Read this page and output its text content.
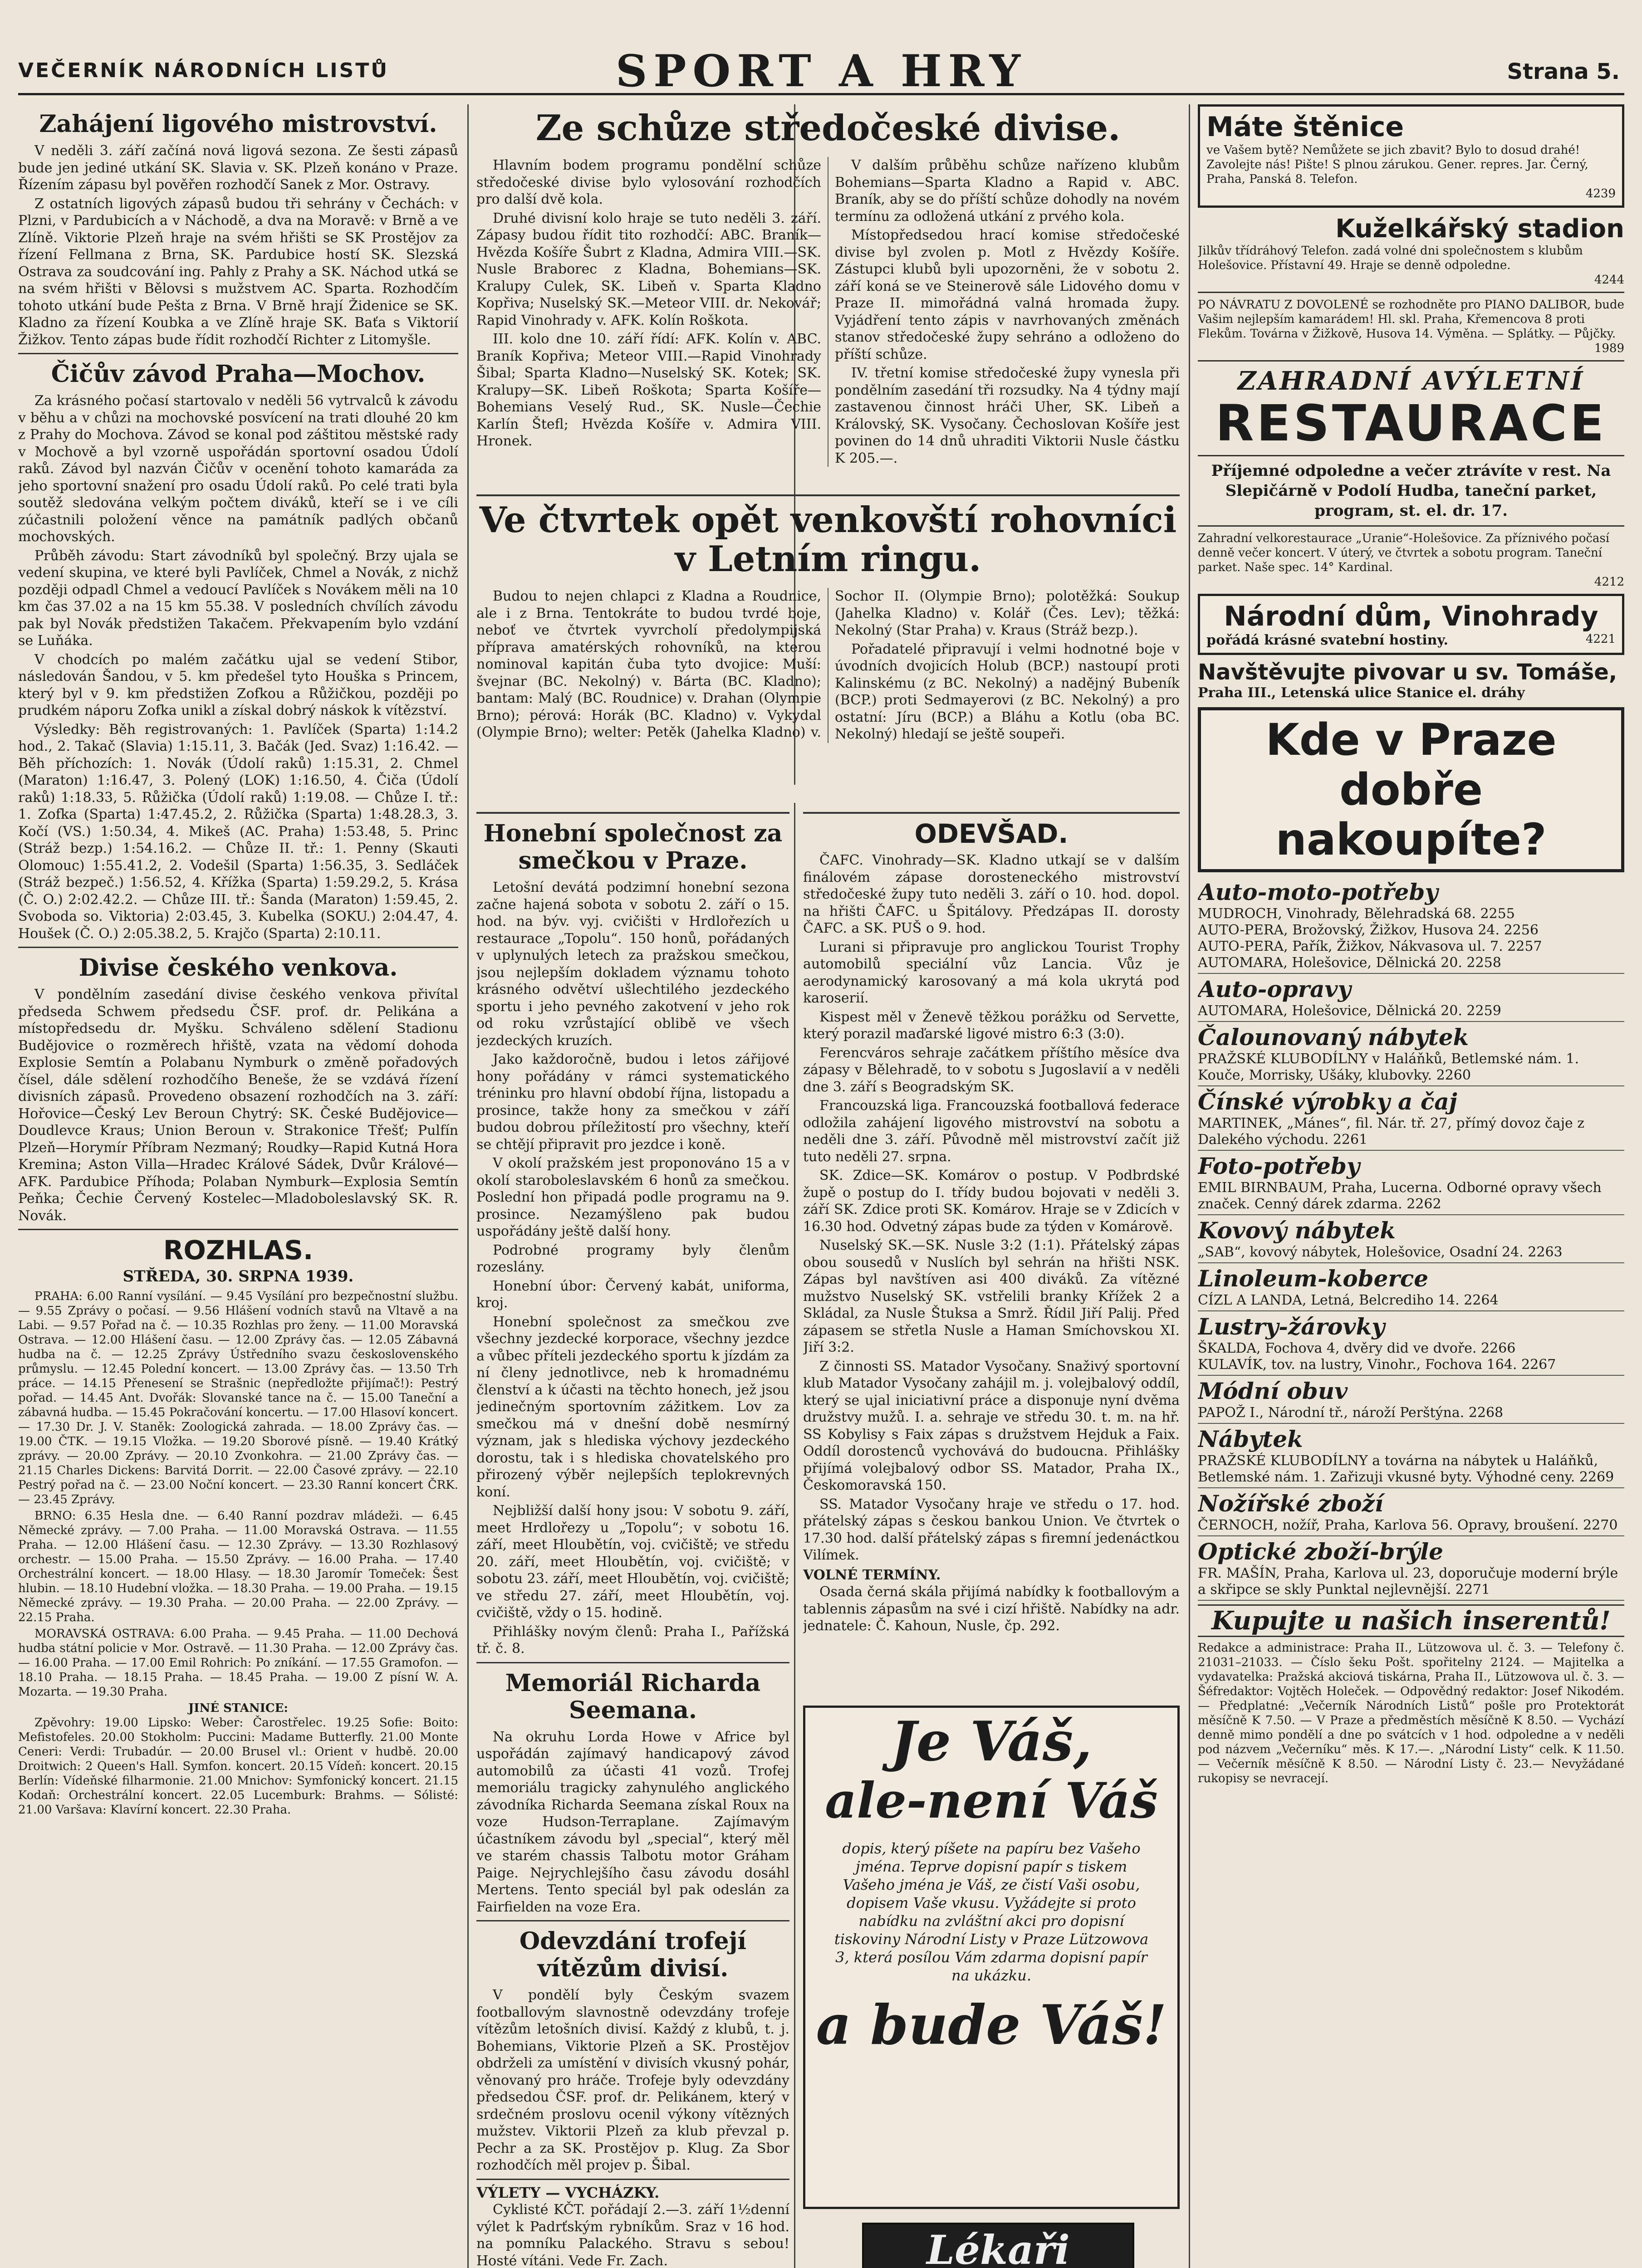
VEČERNÍK NÁRODNÍCH LISTŮ	SPORT A HRY	Strana 5.
Zahájení ligového mistrovství.

V neděli 3. září začíná nová ligová sezona. Ze šesti zápasů bude jen jediné utkání SK. Slavia v. SK. Plzeň konáno v Praze. Řízením zápasu byl pověřen rozhodčí Sanek z Mor. Ostravy.

Z ostatních ligových zápasů budou tři sehrány v Čechách: v Plzni, v Pardubicích a v Náchodě, a dva na Moravě: v Brně a ve Zlíně. Viktorie Plzeň hraje na svém hřišti se SK Prostějov za řízení Fellmana z Brna, SK. Pardubice hostí SK. Slezská Ostrava za soudcování ing. Pahly z Prahy a SK. Náchod utká se na svém hřišti v Bělovsi s mužstvem AC. Sparta. Rozhodčím tohoto utkání bude Pešta z Brna. V Brně hrají Židenice se SK. Kladno za řízení Koubka a ve Zlíně hraje SK. Baťa s Viktorií Žižkov. Tento zápas bude řídit rozhodčí Richter z Litomyšle.

Čičův závod Praha—Mochov.

Za krásného počasí startovalo v neděli 56 vytrvalců k závodu v běhu a v chůzi na mochovské posvícení na trati dlouhé 20 km z Prahy do Mochova. Závod se konal pod záštitou městské rady v Mochově a byl vzorně uspořádán sportovní osadou Údolí raků. Závod byl nazván Čičův v ocenění tohoto kamaráda za jeho sportovní snažení pro osadu Údolí raků. Po celé trati byla soutěž sledována velkým počtem diváků, kteří se i ve cíli zúčastnili položení věnce na památník padlých občanů mochovských.

Průběh závodu: Start závodníků byl společný. Brzy ujala se vedení skupina, ve které byli Pavlíček, Chmel a Novák, z nichž později odpadl Chmel a vedoucí Pavlíček s Novákem měli na 10 km čas 37.02 a na 15 km 55.38. V posledních chvílích závodu pak byl Novák předstižen Takačem. Překvapením bylo vzdání se Luňáka.

V chodcích po malém začátku ujal se vedení Stibor, následován Šandou, v 5. km předešel tyto Houška s Princem, který byl v 9. km předstižen Zofkou a Růžičkou, později po prudkém náporu Zofka unikl a získal dobrý náskok k vítězství.

Výsledky: Běh registrovaných: 1. Pavlíček (Sparta) 1:14.2 hod., 2. Takač (Slavia) 1:15.11, 3. Bačák (Jed. Svaz) 1:16.42. — Běh příchozích: 1. Novák (Údolí raků) 1:15.31, 2. Chmel (Maraton) 1:16.47, 3. Polený (LOK) 1:16.50, 4. Čiča (Údolí raků) 1:18.33, 5. Růžička (Údolí raků) 1:19.08. — Chůze I. tř.: 1. Zofka (Sparta) 1:47.45.2, 2. Růžička (Sparta) 1:48.28.3, 3. Kočí (VS.) 1:50.34, 4. Mikeš (AC. Praha) 1:53.48, 5. Princ (Stráž bezp.) 1:54.16.2. — Chůze II. tř.: 1. Penny (Skauti Olomouc) 1:55.41.2, 2. Vodešil (Sparta) 1:56.35, 3. Sedláček (Stráž bezpeč.) 1:56.52, 4. Křížka (Sparta) 1:59.29.2, 5. Krása (Č. O.) 2:02.42.2. — Chůze III. tř.: Šanda (Maraton) 1:59.45, 2. Svoboda so. Viktoria) 2:03.45, 3. Kubelka (SOKU.) 2:04.47, 4. Houšek (Č. O.) 2:05.38.2, 5. Krajčo (Sparta) 2:10.11.

Divise českého venkova.

V pondělním zasedání divise českého venkova přivítal předseda Schwem předsedu ČSF. prof. dr. Pelikána a místopředsedu dr. Myšku. Schváleno sdělení Stadionu Budějovice o rozměrech hřiště, vzata na vědomí dohoda Explosie Semtín a Polabanu Nymburk o změně pořadových čísel, dále sdělení rozhodčího Beneše, že se vzdává řízení divisních zápasů. Provedeno obsazení rozhodčích na 3. září: Hořovice—Český Lev Beroun Chytrý: SK. České Budějovice—Doudlevce Kraus; Union Beroun v. Strakonice Třešť; Pulfín Plzeň—Horymír Příbram Nezmaný; Roudky—Rapid Kutná Hora Kremina; Aston Villa—Hradec Králové Sádek, Dvůr Králové—AFK. Pardubice Příhoda; Polaban Nymburk—Explosia Semtín Peňka; Čechie Červený Kostelec—Mladoboleslavský SK. R. Novák.

ROZHLAS.
STŘEDA, 30. SRPNA 1939.

PRAHA: 6.00 Ranní vysílání. — 9.45 Vysílání pro bezpečnostní službu. — 9.55 Zprávy o počasí. — 9.56 Hlášení vodních stavů na Vltavě a na Labi. — 9.57 Pořad na č. — 10.35 Rozhlas pro ženy. — 11.00 Moravská Ostrava. — 12.00 Hlášení času. — 12.00 Zprávy čas. — 12.05 Zábavná hudba na č. — 12.25 Zprávy Ústředního svazu československého průmyslu. — 12.45 Polední koncert. — 13.00 Zprávy čas. — 13.50 Trh práce. — 14.15 Přenesení se Strašnic (nepředložte přijímač!): Pestrý pořad. — 14.45 Ant. Dvořák: Slovanské tance na č. — 15.00 Taneční a zábavná hudba. — 15.45 Pokračování koncertu. — 17.00 Hlasoví koncert. — 17.30 Dr. J. V. Staněk: Zoologická zahrada. — 18.00 Zprávy čas. — 19.00 ČTK. — 19.15 Vložka. — 19.20 Sborové písně. — 19.40 Krátký zprávy. — 20.00 Zprávy. — 20.10 Zvonkohra. — 21.00 Zprávy čas. — 21.15 Charles Dickens: Barvitá Dorrit. — 22.00 Časové zprávy. — 22.10 Pestrý pořad na č. — 23.00 Noční koncert. — 23.30 Ranní koncert ČRK. — 23.45 Zprávy.

BRNO: 6.35 Hesla dne. — 6.40 Ranní pozdrav mládeži. — 6.45 Německé zprávy. — 7.00 Praha. — 11.00 Moravská Ostrava. — 11.55 Praha. — 12.00 Hlášení času. — 12.30 Zprávy. — 13.30 Rozhlasový orchestr. — 15.00 Praha. — 15.50 Zprávy. — 16.00 Praha. — 17.40 Orchestrální koncert. — 18.00 Hlasy. — 18.30 Jaromír Tomeček: Šest hlubin. — 18.10 Hudební vložka. — 18.30 Praha. — 19.00 Praha. — 19.15 Německé zprávy. — 19.30 Praha. — 20.00 Praha. — 22.00 Zprávy. — 22.15 Praha.

MORAVSKÁ OSTRAVA: 6.00 Praha. — 9.45 Praha. — 11.00 Dechová hudba státní policie v Mor. Ostravě. — 11.30 Praha. — 12.00 Zprávy čas. — 16.00 Praha. — 17.00 Emil Rohrich: Po zníkání. — 17.55 Gramofon. — 18.10 Praha. — 18.15 Praha. — 18.45 Praha. — 19.00 Z písní W. A. Mozarta. — 19.30 Praha.

JINÉ STANICE:

Zpěvohry: 19.00 Lipsko: Weber: Čarostřelec. 19.25 Sofie: Boito: Mefistofeles. 20.00 Stokholm: Puccini: Madame Butterfly. 21.00 Monte Ceneri: Verdi: Trubadúr. — 20.00 Brusel vl.: Orient v hudbě. 20.00 Droitwich: 2 Queen's Hall. Symfon. koncert. 20.15 Vídeň: koncert. 20.15 Berlín: Vídeňské filharmonie. 21.00 Mnichov: Symfonický koncert. 21.15 Kodaň: Orchestrální koncert. 22.05 Lucemburk: Brahms. — Sólisté: 21.00 Varšava: Klavírní koncert. 22.30 Praha.

Ze schůze středočeské divise.

Hlavním bodem programu pondělní schůze středočeské divise bylo vylosování rozhodčích pro další dvě kola.

Druhé divisní kolo hraje se tuto neděli 3. září. Zápasy budou řídit tito rozhodčí: ABC. Braník—Hvězda Košíře Šubrt z Kladna, Admira VIII.—SK. Nusle Braborec z Kladna, Bohemians—SK. Kralupy Culek, SK. Libeň v. Sparta Kladno Kopřiva; Nuselský SK.—Meteor VIII. dr. Nekovář; Rapid Vinohrady v. AFK. Kolín Roškota.

III. kolo dne 10. září řídí: AFK. Kolín v. ABC. Braník Kopřiva; Meteor VIII.—Rapid Vinohrady Šibal; Sparta Kladno—Nuselský SK. Kotek; SK. Kralupy—SK. Libeň Roškota; Sparta Košíře—Bohemians Veselý Rud., SK. Nusle—Čechie Karlín Štefl; Hvězda Košíře v. Admira VIII. Hronek.

V dalším průběhu schůze nařízeno klubům Bohemians—Sparta Kladno a Rapid v. ABC. Braník, aby se do příští schůze dohodly na novém termínu za odložená utkání z prvého kola.

Místopředsedou hrací komise středočeské divise byl zvolen p. Motl z Hvězdy Košíře. Zástupci klubů byli upozorněni, že v sobotu 2. září koná se ve Steinerově sále Lidového domu v Praze II. mimořádná valná hromada župy. Vyjádření tento zápis v navrhovaných změnách stanov středočeské župy sehráno a odloženo do příští schůze.

IV. třetní komise středočeské župy vynesla při pondělním zasedání tři rozsudky. Na 4 týdny mají zastavenou činnost hráči Uher, SK. Libeň a Královský, SK. Vysočany. Čechoslovan Košíře jest povinen do 14 dnů uhraditi Viktorii Nusle částku K 205.—.

Ve čtvrtek opět venkovští rohovníci v Letním ringu.

Budou to nejen chlapci z Kladna a Roudnice, ale i z Brna. Tentokráte to budou tvrdé boje, neboť ve čtvrtek vyvrcholí předolympijská příprava amatérských rohovníků, na kterou nominoval kapitán čuba tyto dvojice: Muší: švejnar (BC. Nekolný) v. Bárta (BC. Kladno); bantam: Malý (BC. Roudnice) v. Drahan (Olympie Brno); pérová: Horák (BC. Kladno) v. Vykydal (Olympie Brno); welter: Petěk (Jahelka Kladno) v. Sochor II. (Olympie Brno); polotěžká: Soukup (Jahelka Kladno) v. Kolář (Čes. Lev); těžká: Nekolný (Star Praha) v. Kraus (Stráž bezp.).

Pořadatelé připravují i velmi hodnotné boje v úvodních dvojicích Holub (BCP.) nastoupí proti Kalinskému (z BC. Nekolný) a nadějný Bubeník (BCP.) proti Sedmayerovi (z BC. Nekolný) a pro ostatní: Jíru (BCP.) a Bláhu a Kotlu (oba BC. Nekolný) hledají se ještě soupeři.

Honební společnost za smečkou v Praze.

Letošní devátá podzimní honební sezona začne hajená sobota v sobotu 2. září o 15. hod. na býv. vyj. cvičišti v Hrdlořezích u restaurace „Topolu“. 150 honů, pořádaných v uplynulých letech za pražskou smečkou, jsou nejlepším dokladem významu tohoto krásného odvětví ušlechtilého jezdeckého sportu i jeho pevného zakotvení v jeho rok od roku vzrůstající oblibě ve všech jezdeckých kruzích.

Jako každoročně, budou i letos zářijové hony pořádány v rámci systematického tréninku pro hlavní období října, listopadu a prosince, takže hony za smečkou v září budou dobrou příležitostí pro všechny, kteří se chtějí připravit pro jezdce i koně.

V okolí pražském jest proponováno 15 a v okolí staroboleslavském 6 honů za smečkou. Poslední hon připadá podle programu na 9. prosince. Nezamýšleno pak budou uspořádány ještě další hony.

Podrobné programy byly členům rozeslány.

Honební úbor: Červený kabát, uniforma, kroj.

Honební společnost za smečkou zve všechny jezdecké korporace, všechny jezdce a vůbec příteli jezdeckého sportu k jízdám za ní členy jednotlivce, neb k hromadnému členství a k účasti na těchto honech, jež jsou jedinečným sportovním zážitkem. Lov za smečkou má v dnešní době nesmírný význam, jak s hlediska výchovy jezdeckého dorostu, tak i s hlediska chovatelského pro přirozený výběr nejlepších teplokrevných koní.

Nejbližší další hony jsou: V sobotu 9. září, meet Hrdlořezy u „Topolu“; v sobotu 16. září, meet Hloubětín, voj. cvičiště; ve středu 20. září, meet Hloubětín, voj. cvičiště; v sobotu 23. září, meet Hloubětín, voj. cvičiště; ve středu 27. září, meet Hloubětín, voj. cvičiště, vždy o 15. hodině.

Přihlášky novým členů: Praha I., Pařížská tř. č. 8.

Memoriál Richarda Seemana.

Na okruhu Lorda Howe v Africe byl uspořádán zajímavý handicapový závod automobilů za účasti 41 vozů. Trofej memoriálu tragicky zahynulého anglického závodníka Richarda Seemana získal Roux na voze Hudson-Terraplane. Zajímavým účastníkem závodu byl „special“, který měl ve starém chassis Talbotu motor Gráham Paige. Nejrychlejšího času závodu dosáhl Mertens. Tento speciál byl pak odeslán za Fairfielden na voze Era.

Odevzdání trofejí vítězům divisí.

V pondělí byly Českým svazem footballovým slavnostně odevzdány trofeje vítězům letošních divisí. Každý z klubů, t. j. Bohemians, Viktorie Plzeň a SK. Prostějov obdrželi za umístění v divisích vkusný pohár, věnovaný pro hráče. Trofeje byly odevzdány předsedou ČSF. prof. dr. Pelikánem, který v srdečném proslovu ocenil výkony vítězných mužstev. Viktorii Plzeň za klub převzal p. Pechr a za SK. Prostějov p. Klug. Za Sbor rozhodčích měl projev p. Šibal.

VÝLETY — VYCHÁZKY.

Cyklisté KČT. pořádají 2.—3. září 1½denní výlet k Padrťským rybníkům. Sraz v 16 hod. na pomníku Palackého. Stravu s sebou! Hosté vítáni. Vede Fr. Zach.

ODEVŠAD.

ČAFC. Vinohrady—SK. Kladno utkají se v dalším finálovém zápase dorosteneckého mistrovství středočeské župy tuto neděli 3. září o 10. hod. dopol. na hřišti ČAFC. u Špitálovy. Předzápas II. dorosty ČAFC. a SK. PUŠ o 9. hod.

Lurani si připravuje pro anglickou Tourist Trophy automobilů speciální vůz Lancia. Vůz je aerodynamický karosovaný a má kola ukrytá pod karoserií.

Kispest měl v Ženevě těžkou porážku od Servette, který porazil maďarské ligové mistro 6:3 (3:0).

Ferencváros sehraje začátkem příštího měsíce dva zápasy v Bělehradě, to v sobotu s Jugoslavií a v neděli dne 3. září s Beogradským SK.

Francouzská liga. Francouzská footballová federace odložila zahájení ligového mistrovství na sobotu a neděli dne 3. září. Původně měl mistrovství začít již tuto neděli 27. srpna.

SK. Zdice—SK. Komárov o postup. V Podbrdské župě o postup do I. třídy budou bojovati v neděli 3. září SK. Zdice proti SK. Komárov. Hraje se v Zdicích v 16.30 hod. Odvetný zápas bude za týden v Komárově.

Nuselský SK.—SK. Nusle 3:2 (1:1). Přátelský zápas obou sousedů v Nuslích byl sehrán na hřišti NSK. Zápas byl navštíven asi 400 diváků. Za vítězné mužstvo Nuselský SK. vstřelili branky Křížek 2 a Skládal, za Nusle Štuksa a Smrž. Řídil Jiří Palij. Před zápasem se střetla Nusle a Haman Smíchovskou XI. Jiří 3:2.

Z činnosti SS. Matador Vysočany. Snaživý sportovní klub Matador Vysočany zahájil m. j. volejbalový oddíl, který se ujal iniciativní práce a disponuje nyní dvěma družstvy mužů. I. a. sehraje ve středu 30. t. m. na hř. SS Kobylisy s Faix zápas s družstvem Hejduk a Faix. Oddíl dorostenců vychovává do budoucna. Přihlášky přijímá volejbalový odbor SS. Matador, Praha IX., Českomoravská 150.

SS. Matador Vysočany hraje ve středu o 17. hod. přátelský zápas s českou bankou Union. Ve čtvrtek o 17.30 hod. další přátelský zápas s firemní jedenáctkou Vilímek.

VOLNÉ TERMÍNY.

Osada černá skála přijímá nabídky k footballovým a tablennis zápasům na své i cizí hřiště. Nabídky na adr. jednatele: Č. Kahoun, Nusle, čp. 292.

Je Váš,
ale-není Váš
dopis, který píšete na papíru bez Vašeho jména. Teprve dopisní papír s tiskem Vašeho jména je Váš, ze čistí Vaši osobu, dopisem Vaše vkusu. Vyžádejte si proto nabídku na zvláštní akci pro dopisní tiskoviny Národní Listy v Praze Lützowova 3, která posílou Vám zdarma dopisní papír na ukázku.
a bude Váš!
Lékaři
Máte štěnice
ve Vašem bytě? Nemůžete se jich zbavit? Bylo to dosud drahé! Zavolejte nás! Pište! S plnou zárukou. Gener. repres. Jar. Černý, Praha, Panská 8. Telefon.
4239
Kuželkářský stadion
Jilkův třídráhový Telefon. zadá volné dni společnostem s klubům Holešovice. Přístavní 49. Hraje se denně odpoledne.
4244
PO NÁVRATU Z DOVOLENÉ se rozhodněte pro PIANO DALIBOR, bude Vašim nejlepším kamarádem! Hl. skl. Praha, Křemencova 8 proti Flekům. Továrna v Žižkově, Husova 14. Výměna. — Splátky. — Půjčky.
1989
ZAHRADNÍ AVÝLETNÍ
RESTAURACE
Příjemné odpoledne a večer ztrávíte v rest. Na Slepičárně v Podolí Hudba, taneční parket, program, st. el. dr. 17.
Zahradní velkorestaurace „Uranie“-Holešovice. Za příznivého počasí denně večer koncert. V úterý, ve čtvrtek a sobotu program. Taneční parket. Naše spec. 14° Kardinal.
4212
Národní dům, Vinohrady
pořádá krásné svatební hostiny.	4221
Navštěvujte pivovar u sv. Tomáše,
Praha III., Letenská ulice Stanice el. dráhy
Kde v Praze dobře nakoupíte?
Auto-moto-potřeby
MUDROCH, Vinohrady, Bělehradská 68. 2255
AUTO-PERA, Brožovský, Žižkov, Husova 24. 2256
AUTO-PERA, Pařík, Žižkov, Nákvasova ul. 7. 2257
AUTOMARA, Holešovice, Dělnická 20. 2258
Auto-opravy
AUTOMARA, Holešovice, Dělnická 20. 2259
Čalounovaný nábytek
PRAŽSKÉ KLUBODÍLNY v Haláňků, Betlemské nám. 1. Kouče, Morrisky, Ušáky, klubovky. 2260
Čínské výrobky a čaj
MARTINEK, „Mánes“, fil. Nár. tř. 27, přímý dovoz čaje z Dalekého východu. 2261
Foto-potřeby
EMIL BIRNBAUM, Praha, Lucerna. Odborné opravy všech značek. Cenný dárek zdarma. 2262
Kovový nábytek
„SAB“, kovový nábytek, Holešovice, Osadní 24. 2263
Linoleum-koberce
CÍZL A LANDA, Letná, Belcrediho 14. 2264
Lustry-žárovky
ŠKALDA, Fochova 4, dvěry did ve dvoře. 2266
KULAVÍK, tov. na lustry, Vinohr., Fochova 164. 2267
Módní obuv
PAPOŽ I., Národní tř., nároží Perštýna. 2268
Nábytek
PRAŽSKÉ KLUBODÍLNY a továrna na nábytek u Haláňků, Betlemské nám. 1. Zařizuji vkusné byty. Výhodné ceny. 2269
Nožířské zboží
ČERNOCH, nožíř, Praha, Karlova 56. Opravy, broušení. 2270
Optické zboží-brýle
FR. MAŠÍN, Praha, Karlova ul. 23, doporučuje moderní brýle a skřipce se skly Punktal nejlevnější. 2271
Kupujte u našich inserentů!
Redakce a administrace: Praha II., Lützowova ul. č. 3. — Telefony č. 21031–21033. — Číslo šeku Pošt. spořitelny 2124. — Majitelka a vydavatelka: Pražská akciová tiskárna, Praha II., Lützowova ul. č. 3. — Šéfredaktor: Vojtěch Holeček. — Odpovědný redaktor: Josef Nikodém. — Předplatné: „Večerník Národních Listů“ pošle pro Protektorát měsíčně K 7.50. — V Praze a předměstích měsíčně K 8.50. — Vychází denně mimo pondělí a dne po svátcích v 1 hod. odpoledne a v neděli pod názvem „Večerníku“ měs. K 17.—. „Národní Listy“ celk. K 11.50. — Večerník měsíčně K 8.50. — Národní Listy č. 23.— Nevyžádané rukopisy se nevracejí.
